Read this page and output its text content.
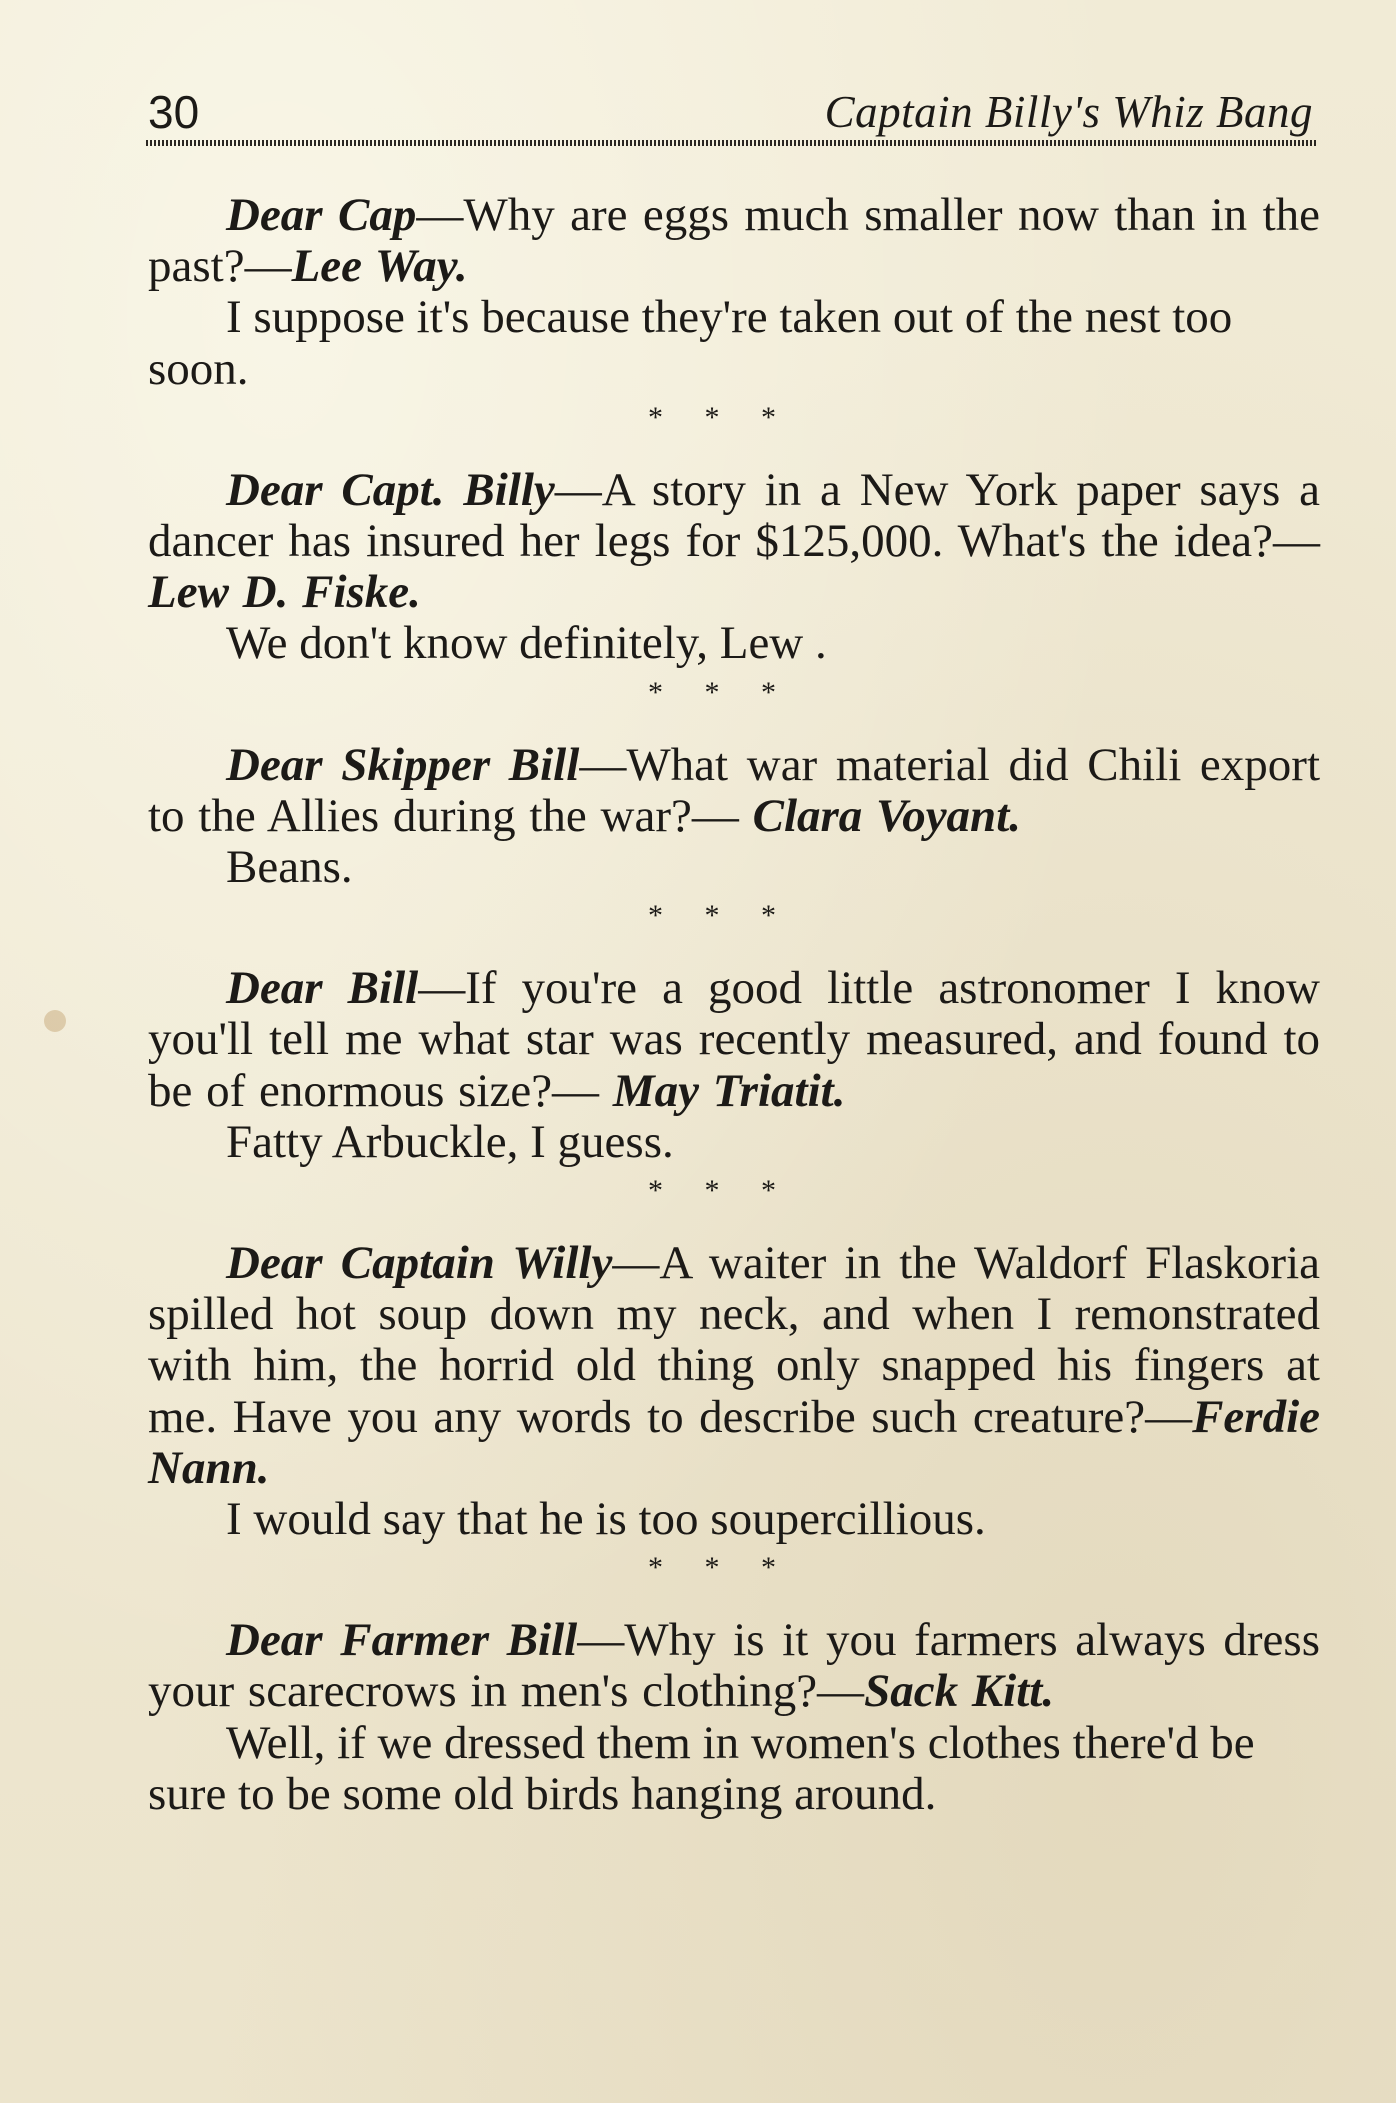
30	Captain Billy's Whiz Bang

Dear Cap—Why are eggs much smaller now than in the past?—Lee Way.

I suppose it's because they're taken out of the nest too soon.

* * *

Dear Capt. Billy—A story in a New York paper says a dancer has insured her legs for $125,000. What's the idea?—Lew D. Fiske.

We don't know definitely, Lew .

* * *

Dear Skipper Bill—What war material did Chili export to the Allies during the war?— Clara Voyant.

Beans.

* * *

Dear Bill—If you're a good little astronomer I know you'll tell me what star was recently measured, and found to be of enormous size?— May Triatit.

Fatty Arbuckle, I guess.

* * *

Dear Captain Willy—A waiter in the Waldorf Flaskoria spilled hot soup down my neck, and when I remonstrated with him, the horrid old thing only snapped his fingers at me. Have you any words to describe such creature?—Ferdie Nann.

I would say that he is too soupercillious.

* * *

Dear Farmer Bill—Why is it you farmers always dress your scarecrows in men's clothing?—Sack Kitt.

Well, if we dressed them in women's clothes there'd be sure to be some old birds hanging around.
